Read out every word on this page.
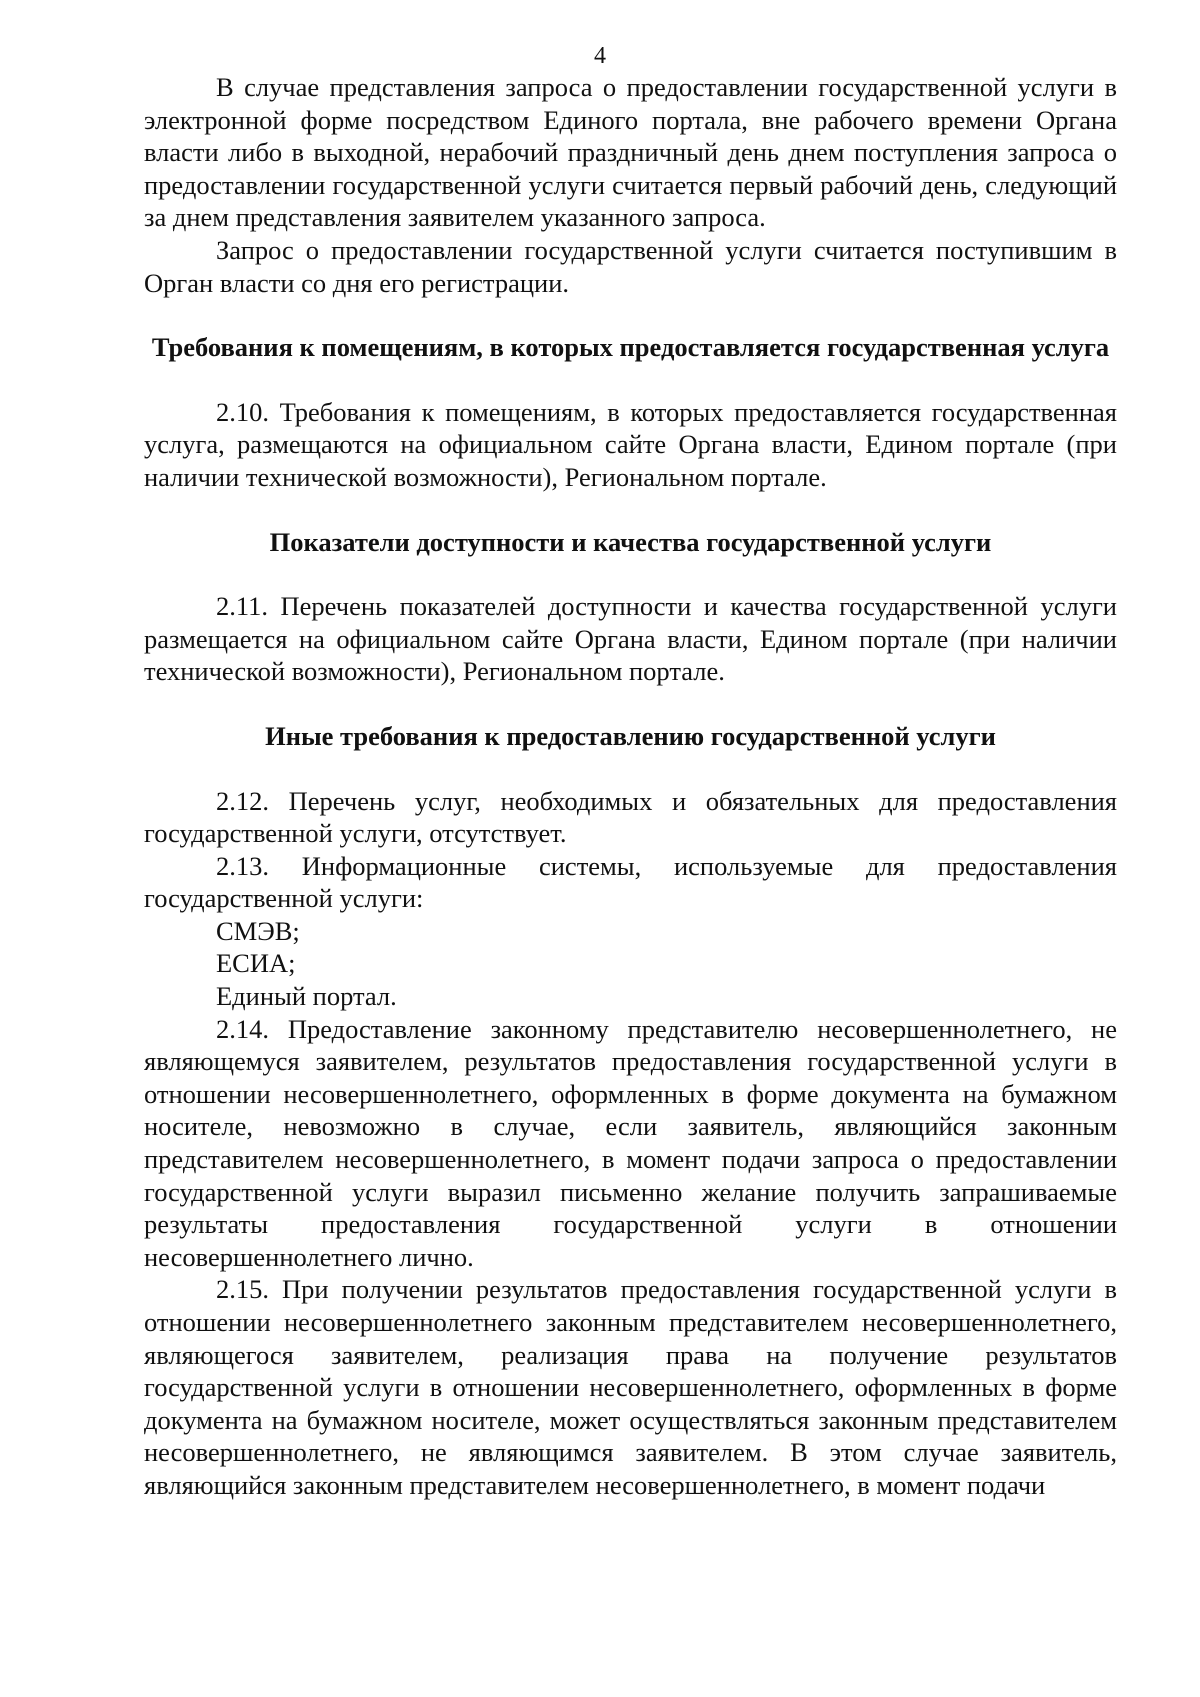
4

В случае представления запроса о предоставлении государственной услуги в электронной форме посредством Единого портала, вне рабочего времени Органа власти либо в выходной, нерабочий праздничный день днем поступления запроса о предоставлении государственной услуги считается первый рабочий день, следующий за днем представления заявителем указанного запроса.

Запрос о предоставлении государственной услуги считается поступившим в Орган власти со дня его регистрации.

Требования к помещениям, в которых предоставляется государственная услуга

2.10. Требования к помещениям, в которых предоставляется государственная услуга, размещаются на официальном сайте Органа власти, Едином портале (при наличии технической возможности), Региональном портале.

Показатели доступности и качества государственной услуги

2.11. Перечень показателей доступности и качества государственной услуги размещается на официальном сайте Органа власти, Едином портале (при наличии технической возможности), Региональном портале.

Иные требования к предоставлению государственной услуги

2.12. Перечень услуг, необходимых и обязательных для предоставления государственной услуги, отсутствует.

2.13. Информационные системы, используемые для предоставления государственной услуги:

СМЭВ;

ЕСИА;

Единый портал.

2.14. Предоставление законному представителю несовершеннолетнего, не являющемуся заявителем, результатов предоставления государственной услуги в отношении несовершеннолетнего, оформленных в форме документа на бумажном носителе, невозможно в случае, если заявитель, являющийся законным представителем несовершеннолетнего, в момент подачи запроса о предоставлении государственной услуги выразил письменно желание получить запрашиваемые результаты предоставления государственной услуги в отношении несовершеннолетнего лично.

2.15. При получении результатов предоставления государственной услуги в отношении несовершеннолетнего законным представителем несовершеннолетнего, являющегося заявителем, реализация права на получение результатов государственной услуги в отношении несовершеннолетнего, оформленных в форме документа на бумажном носителе, может осуществляться законным представителем несовершеннолетнего, не являющимся заявителем. В этом случае заявитель, являющийся законным представителем несовершеннолетнего, в момент подачи
